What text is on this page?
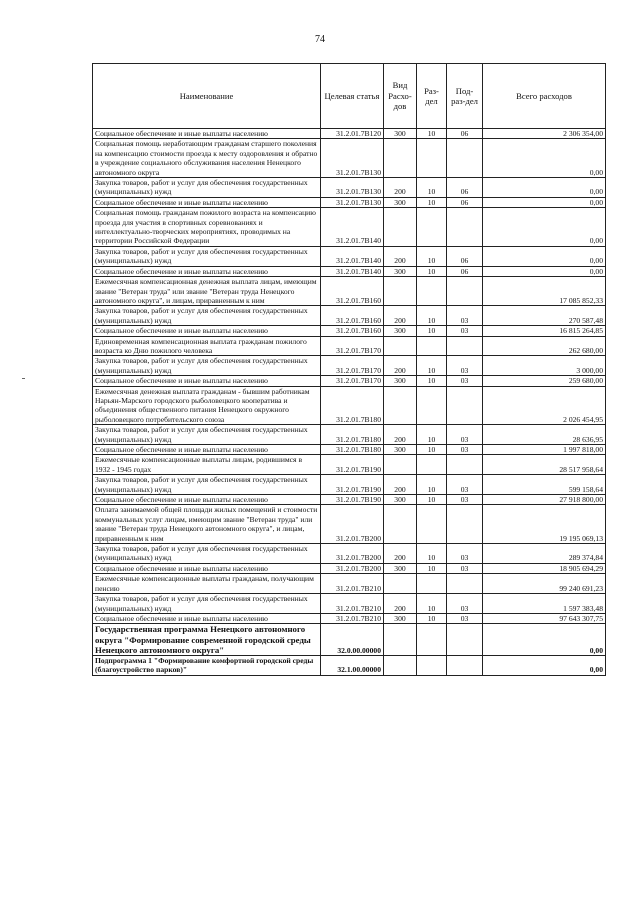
74
Наименование	Целевая статья	Вид Расхо-дов	Раз-дел	Под-раз-дел	Всего расходов
Социальное обеспечение и иные выплаты населению	31.2.01.7В120	300	10	06	2 306 354,00
Социальная помощь неработающим гражданам старшего поколения на компенсацию стоимости проезда к месту оздоровления и обратно в учреждение социального обслуживания населения Ненецкого автономного округа	31.2.01.7В130				0,00
Закупка товаров, работ и услуг для обеспечения государственных (муниципальных) нужд	31.2.01.7В130	200	10	06	0,00
Социальное обеспечение и иные выплаты населению	31.2.01.7В130	300	10	06	0,00
Социальная помощь гражданам пожилого возраста на компенсацию проезда для участия в спортивных соревнованиях и интеллектуально-творческих мероприятиях, проводимых на территории Российской Федерации	31.2.01.7В140				0,00
Закупка товаров, работ и услуг для обеспечения государственных (муниципальных) нужд	31.2.01.7В140	200	10	06	0,00
Социальное обеспечение и иные выплаты населению	31.2.01.7В140	300	10	06	0,00
Ежемесячная компенсационная денежная выплата лицам, имеющим звание "Ветеран труда" или звание "Ветеран труда Ненецкого автономного округа", и лицам, приравненным к ним	31.2.01.7В160				17 085 852,33
Закупка товаров, работ и услуг для обеспечения государственных (муниципальных) нужд	31.2.01.7В160	200	10	03	270 587,48
Социальное обеспечение и иные выплаты населению	31.2.01.7В160	300	10	03	16 815 264,85
Единовременная компенсационная выплата гражданам пожилого возраста ко Дню пожилого человека	31.2.01.7В170				262 680,00
Закупка товаров, работ и услуг для обеспечения государственных (муниципальных) нужд	31.2.01.7В170	200	10	03	3 000,00
Социальное обеспечение и иные выплаты населению	31.2.01.7В170	300	10	03	259 680,00
Ежемесячная денежная выплата гражданам - бывшим работникам Нарьян-Марского городского рыболовецкого кооператива и объединения общественного питания Ненецкого окружного рыболовецкого потребительского союза	31.2.01.7В180				2 026 454,95
Закупка товаров, работ и услуг для обеспечения государственных (муниципальных) нужд	31.2.01.7В180	200	10	03	28 636,95
Социальное обеспечение и иные выплаты населению	31.2.01.7В180	300	10	03	1 997 818,00
Ежемесячные компенсационные выплаты лицам, родившимся в 1932 - 1945 годах	31.2.01.7В190				28 517 958,64
Закупка товаров, работ и услуг для обеспечения государственных (муниципальных) нужд	31.2.01.7В190	200	10	03	599 158,64
Социальное обеспечение и иные выплаты населению	31.2.01.7В190	300	10	03	27 918 800,00
Оплата занимаемой общей площади жилых помещений и стоимости коммунальных услуг лицам, имеющим звание "Ветеран труда" или звание "Ветеран труда Ненецкого автономного округа", и лицам, приравненным к ним	31.2.01.7В200				19 195 069,13
Закупка товаров, работ и услуг для обеспечения государственных (муниципальных) нужд	31.2.01.7В200	200	10	03	289 374,84
Социальное обеспечение и иные выплаты населению	31.2.01.7В200	300	10	03	18 905 694,29
Ежемесячные компенсационные выплаты гражданам, получающим пенсию	31.2.01.7В210				99 240 691,23
Закупка товаров, работ и услуг для обеспечения государственных (муниципальных) нужд	31.2.01.7В210	200	10	03	1 597 383,48
Социальное обеспечение и иные выплаты населению	31.2.01.7В210	300	10	03	97 643 307,75
Государственная программа Ненецкого автономного округа "Формирование современной городской среды Ненецкого автономного округа"	32.0.00.00000				0,00
Подпрограмма 1 "Формирование комфортной городской среды (благоустройство парков)"	32.1.00.00000				0,00
